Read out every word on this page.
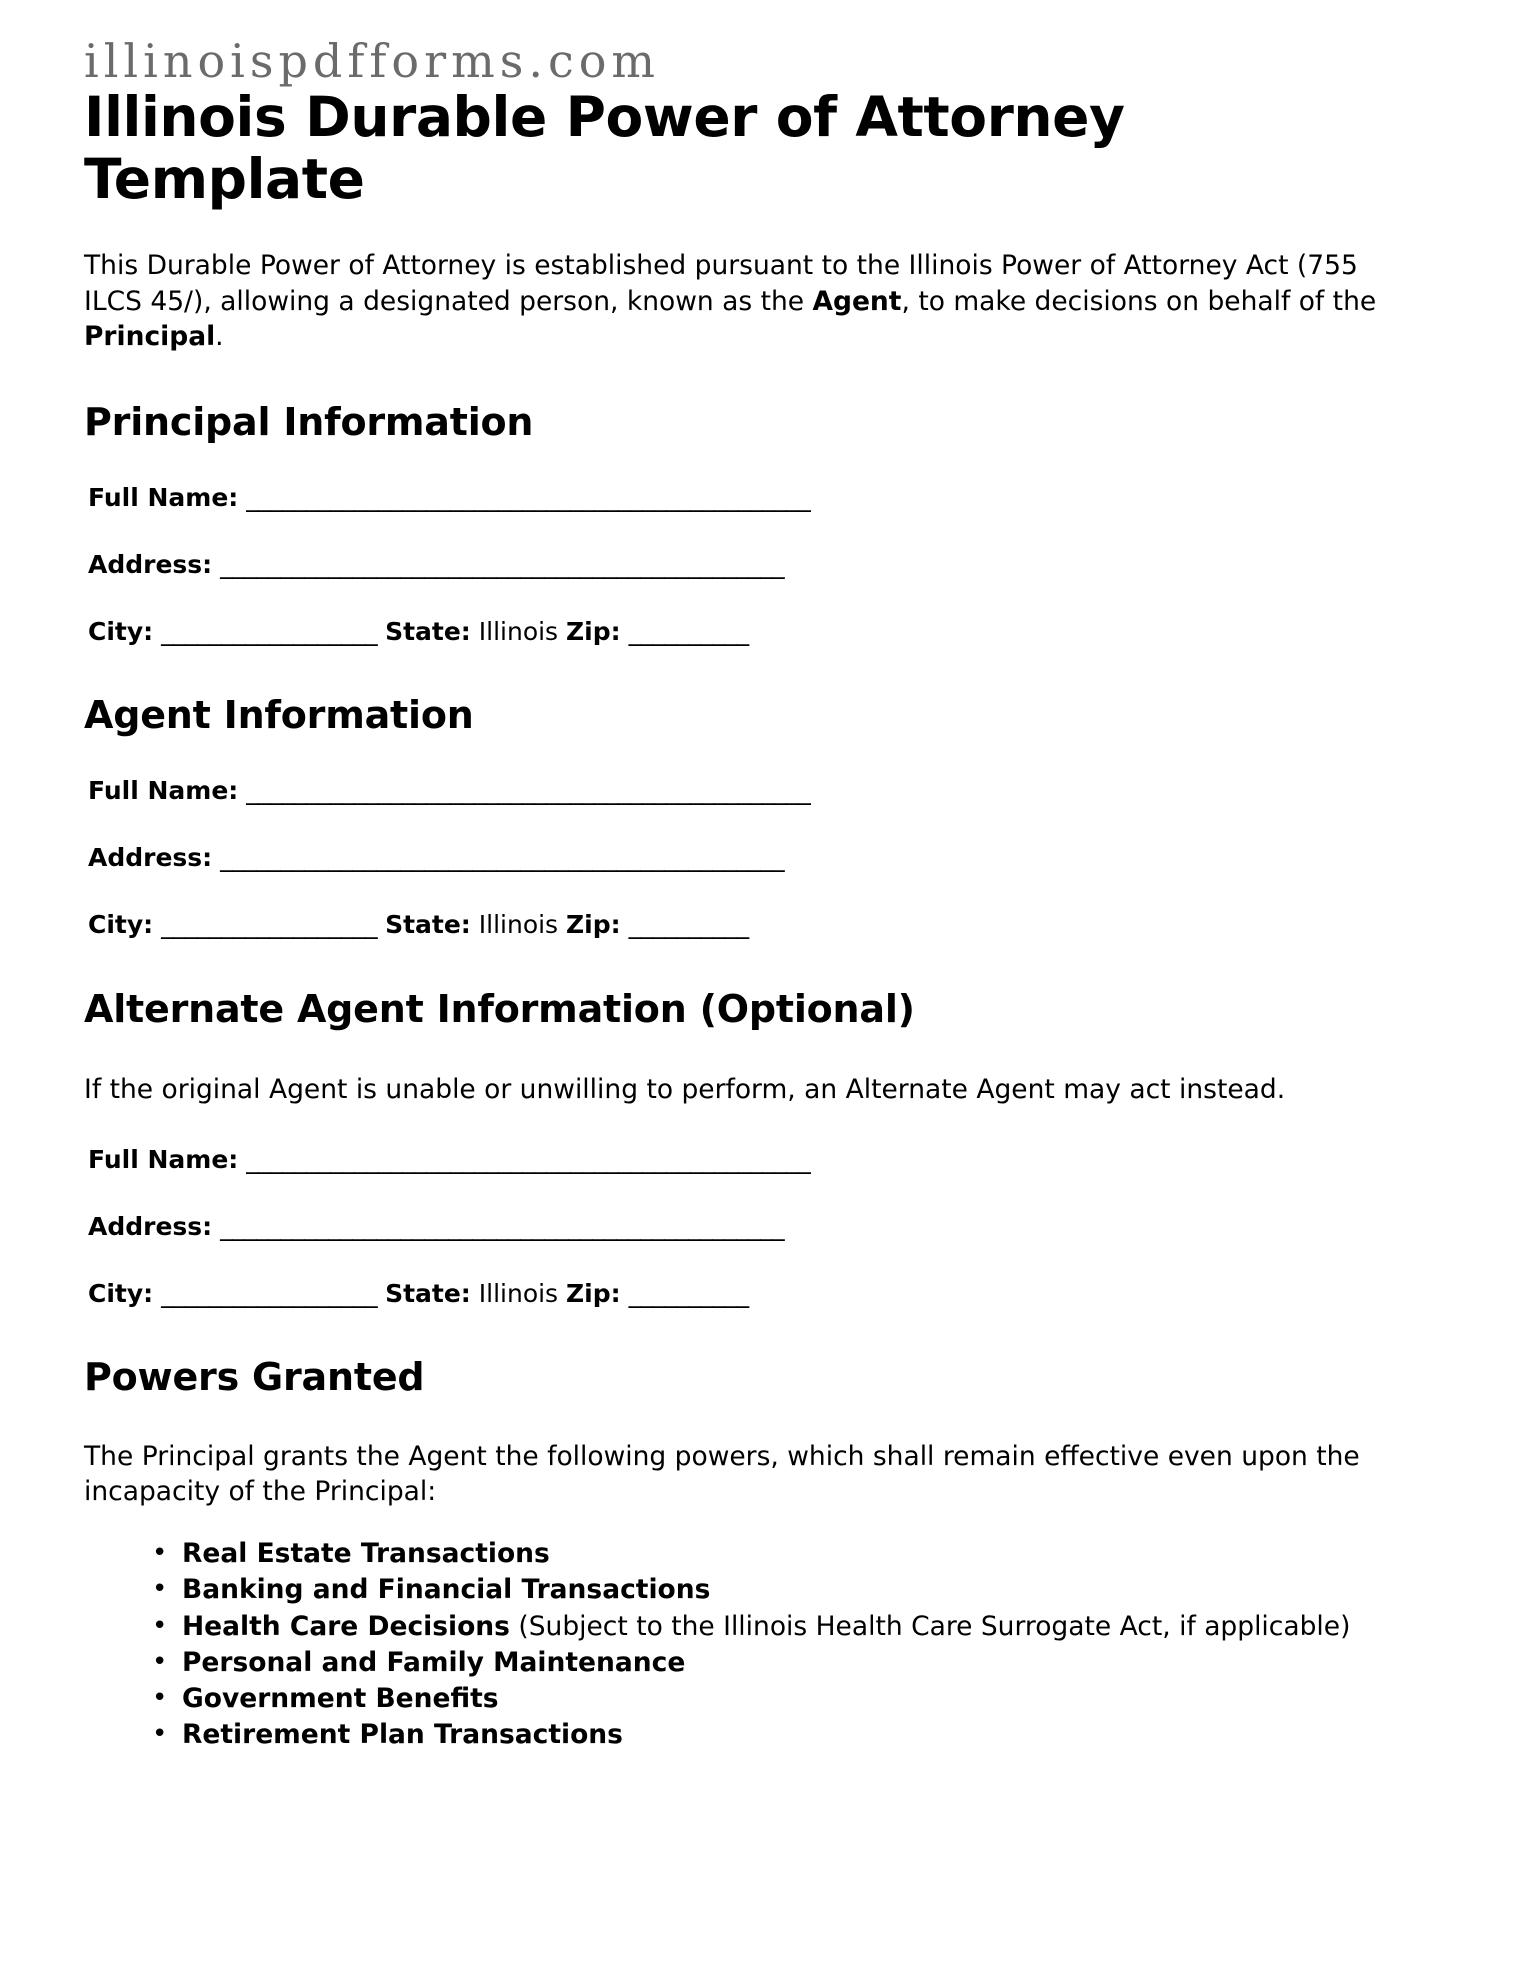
illinoispdfforms.com
Illinois Durable Power of Attorney Template

This Durable Power of Attorney is established pursuant to the Illinois Power of Attorney Act (755 ILCS 45/), allowing a designated person, known as the Agent, to make decisions on behalf of the Principal.

Principal Information
Full Name: _______________________________________________
Address: _______________________________________________
City: __________________ State: Illinois Zip: __________
Agent Information
Full Name: _______________________________________________
Address: _______________________________________________
City: __________________ State: Illinois Zip: __________
Alternate Agent Information (Optional)

If the original Agent is unable or unwilling to perform, an Alternate Agent may act instead.

Full Name: _______________________________________________
Address: _______________________________________________
City: __________________ State: Illinois Zip: __________
Powers Granted

The Principal grants the Agent the following powers, which shall remain effective even upon the incapacity of the Principal:

• Real Estate Transactions
• Banking and Financial Transactions
• Health Care Decisions (Subject to the Illinois Health Care Surrogate Act, if applicable)
• Personal and Family Maintenance
• Government Benefits
• Retirement Plan Transactions
